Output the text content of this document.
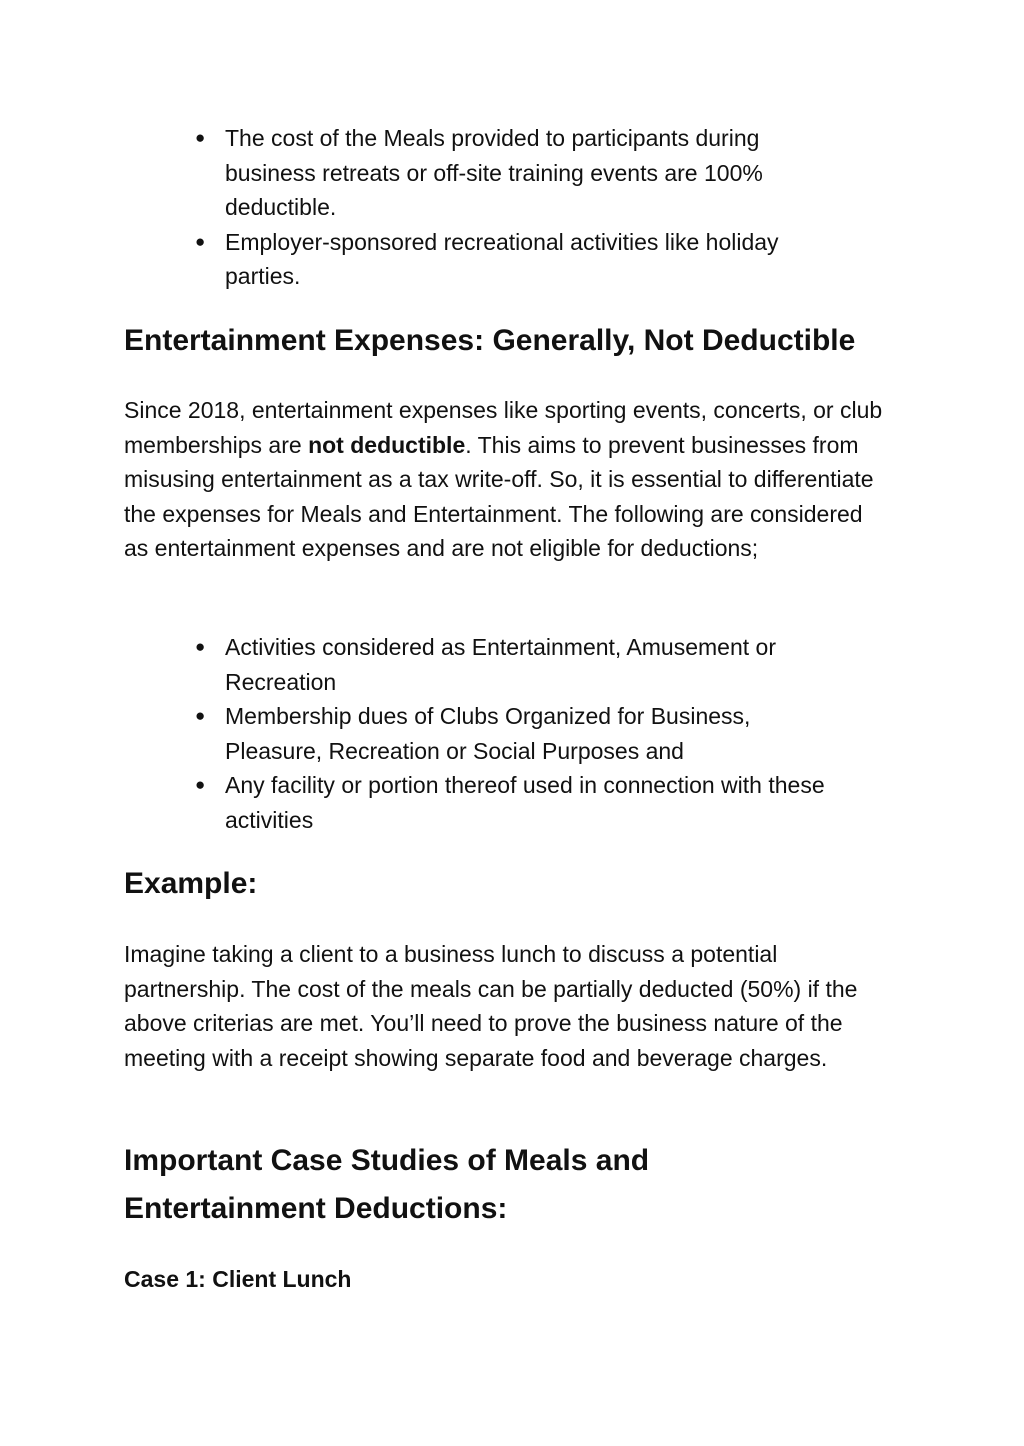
● The cost of the Meals provided to participants during business retreats or off-site training events are 100% deductible.
● Employer-sponsored recreational activities like holiday parties.
Entertainment Expenses: Generally, Not Deductible

Since 2018, entertainment expenses like sporting events, concerts, or club memberships are not deductible. This aims to prevent businesses from misusing entertainment as a tax write-off. So, it is essential to differentiate the expenses for Meals and Entertainment. The following are considered as entertainment expenses and are not eligible for deductions;

● Activities considered as Entertainment, Amusement or Recreation
● Membership dues of Clubs Organized for Business, Pleasure, Recreation or Social Purposes and
● Any facility or portion thereof used in connection with these activities
Example:

Imagine taking a client to a business lunch to discuss a potential partnership. The cost of the meals can be partially deducted (50%) if the above criterias are met. You’ll need to prove the business nature of the meeting with a receipt showing separate food and beverage charges.

Important Case Studies of Meals and Entertainment Deductions:
Case 1: Client Lunch
